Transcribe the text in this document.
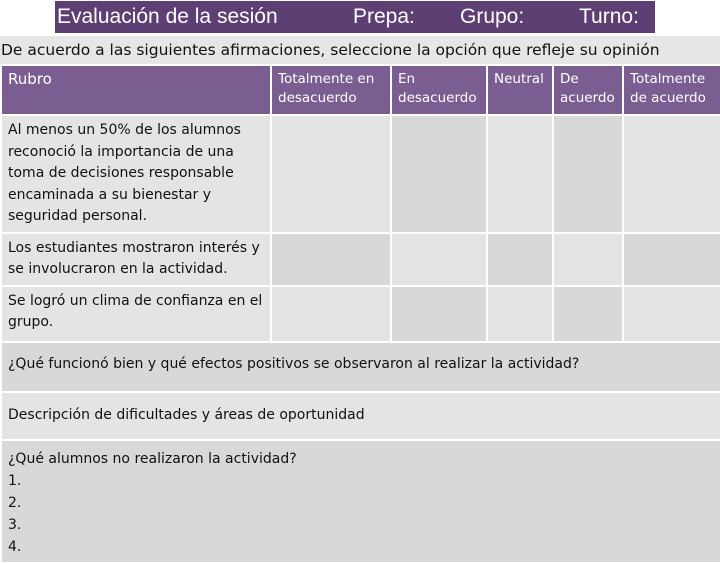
Evaluación de la sesión	Prepa: Grupo:	Turno:
De acuerdo a las siguientes afirmaciones, seleccione la opción que refleje su opinión
Rubro	Totalmente en desacuerdo	En desacuerdo	Neutral	De acuerdo	Totalmente de acuerdo
Al menos un 50% de los alumnos reconoció la importancia de una toma de decisiones responsable encaminada a su bienestar y seguridad personal.					
Los estudiantes mostraron interés y se involucraron en la actividad.					
Se logró un clima de confianza en el grupo.					
¿Qué funcionó bien y qué efectos positivos se observaron al realizar la actividad?					
Descripción de dificultades y áreas de oportunidad					

¿Qué alumnos no realizaron la actividad?
1.
2.
3.
4.					
